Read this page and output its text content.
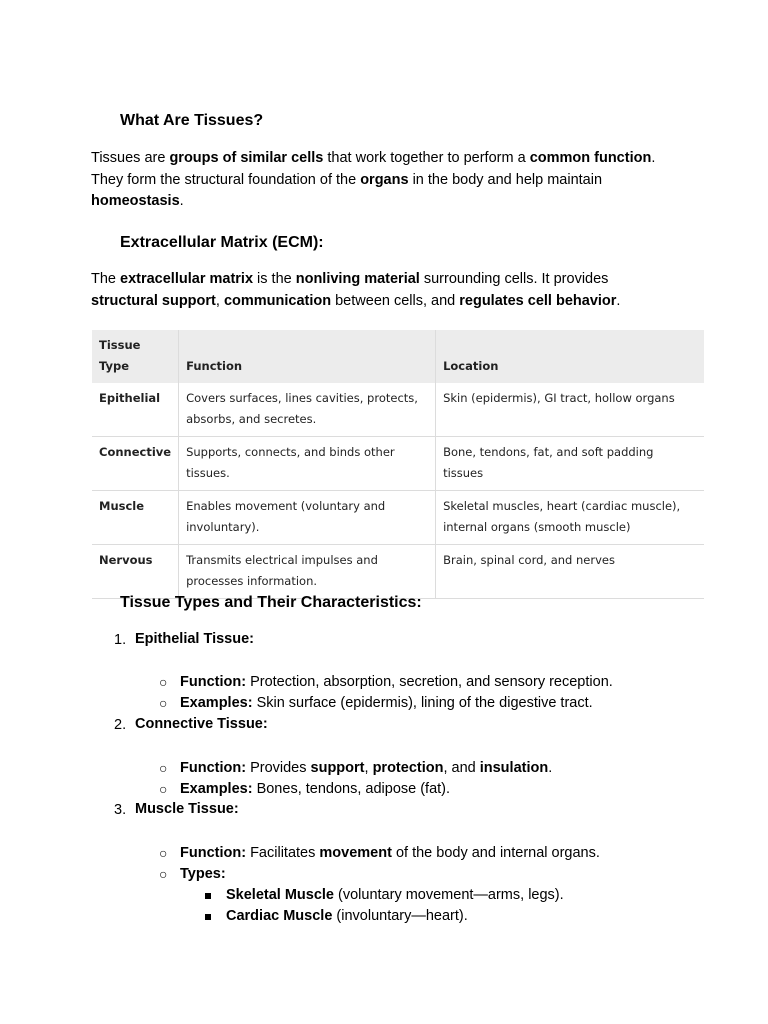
What Are Tissues?
Tissues are groups of similar cells that work together to perform a common function.
They form the structural foundation of the organs in the body and help maintain
homeostasis.
Extracellular Matrix (ECM):
The extracellular matrix is the nonliving material surrounding cells. It provides
structural support, communication between cells, and regulates cell behavior.
Tissue
Type	Function	Location
Epithelial	Covers surfaces, lines cavities, protects, absorbs, and secretes.	Skin (epidermis), GI tract, hollow organs
Connective	Supports, connects, and binds other tissues.	Bone, tendons, fat, and soft padding tissues
Muscle	Enables movement (voluntary and involuntary).	Skeletal muscles, heart (cardiac muscle), internal organs (smooth muscle)
Nervous	Transmits electrical impulses and processes information.	Brain, spinal cord, and nerves
Tissue Types and Their Characteristics:
1. Epithelial Tissue:
○ Function: Protection, absorption, secretion, and sensory reception.
○ Examples: Skin surface (epidermis), lining of the digestive tract.
2. Connective Tissue:
○ Function: Provides support, protection, and insulation.
○ Examples: Bones, tendons, adipose (fat).
3. Muscle Tissue:
○ Function: Facilitates movement of the body and internal organs.
○ Types:
Skeletal Muscle (voluntary movement—arms, legs).
Cardiac Muscle (involuntary—heart).
